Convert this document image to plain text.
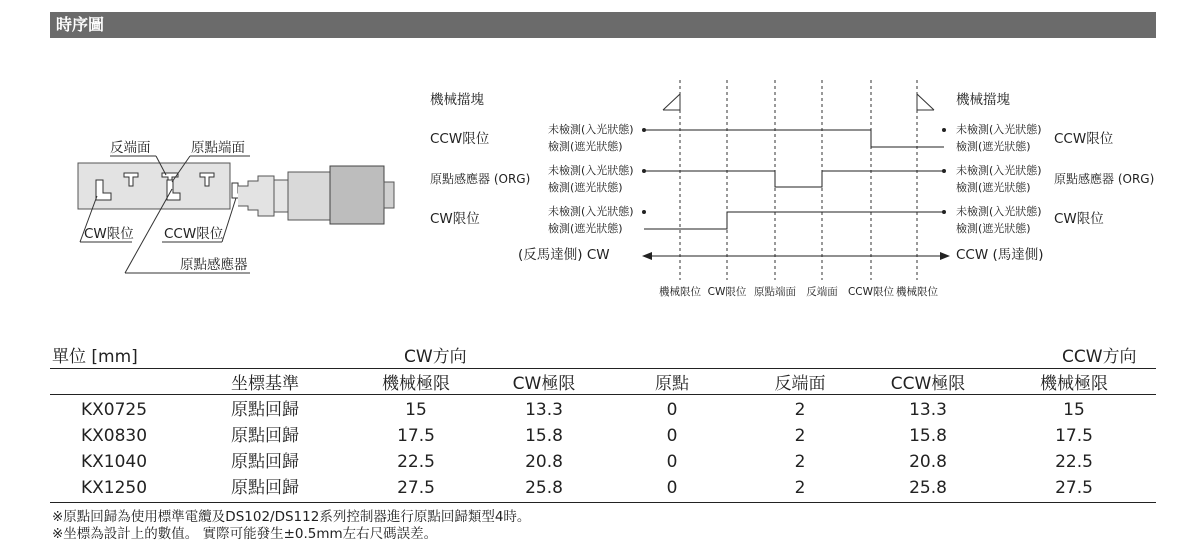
時序圖
反端面	原點端面
CW限位 CCW限位
原點感應器
機械擋塊
CCW限位
原點感應器 (ORG)
CW限位
(反馬達側) CW
未檢測(入光狀態)
檢測(遮光狀態)
未檢測(入光狀態)
檢測(遮光狀態)
未檢測(入光狀態)
檢測(遮光狀態)
未檢測(入光狀態)
檢測(遮光狀態)
未檢測(入光狀態)
檢測(遮光狀態)
未檢測(入光狀態)
檢測(遮光狀態)
機械擋塊
CCW限位
原點感應器 (ORG)
CW限位
CCW (馬達側)
機械限位 CW限位 原點端面 反端面 CCW限位 機械限位
單位 [mm]	CW方向	CCW方向
	坐標基準	機械極限	CW極限	原點	反端面	CCW極限	機械極限
KX0725	原點回歸	15	13.3	0	2	13.3	15
KX0830	原點回歸	17.5	15.8	0	2	15.8	17.5
KX1040	原點回歸	22.5	20.8	0	2	20.8	22.5
KX1250	原點回歸	27.5	25.8	0	2	25.8	27.5
※原點回歸為使用標準電纜及DS102/DS112系列控制器進行原點回歸類型4時。
※坐標為設計上的數值。 實際可能發生±0.5mm左右尺碼誤差。
